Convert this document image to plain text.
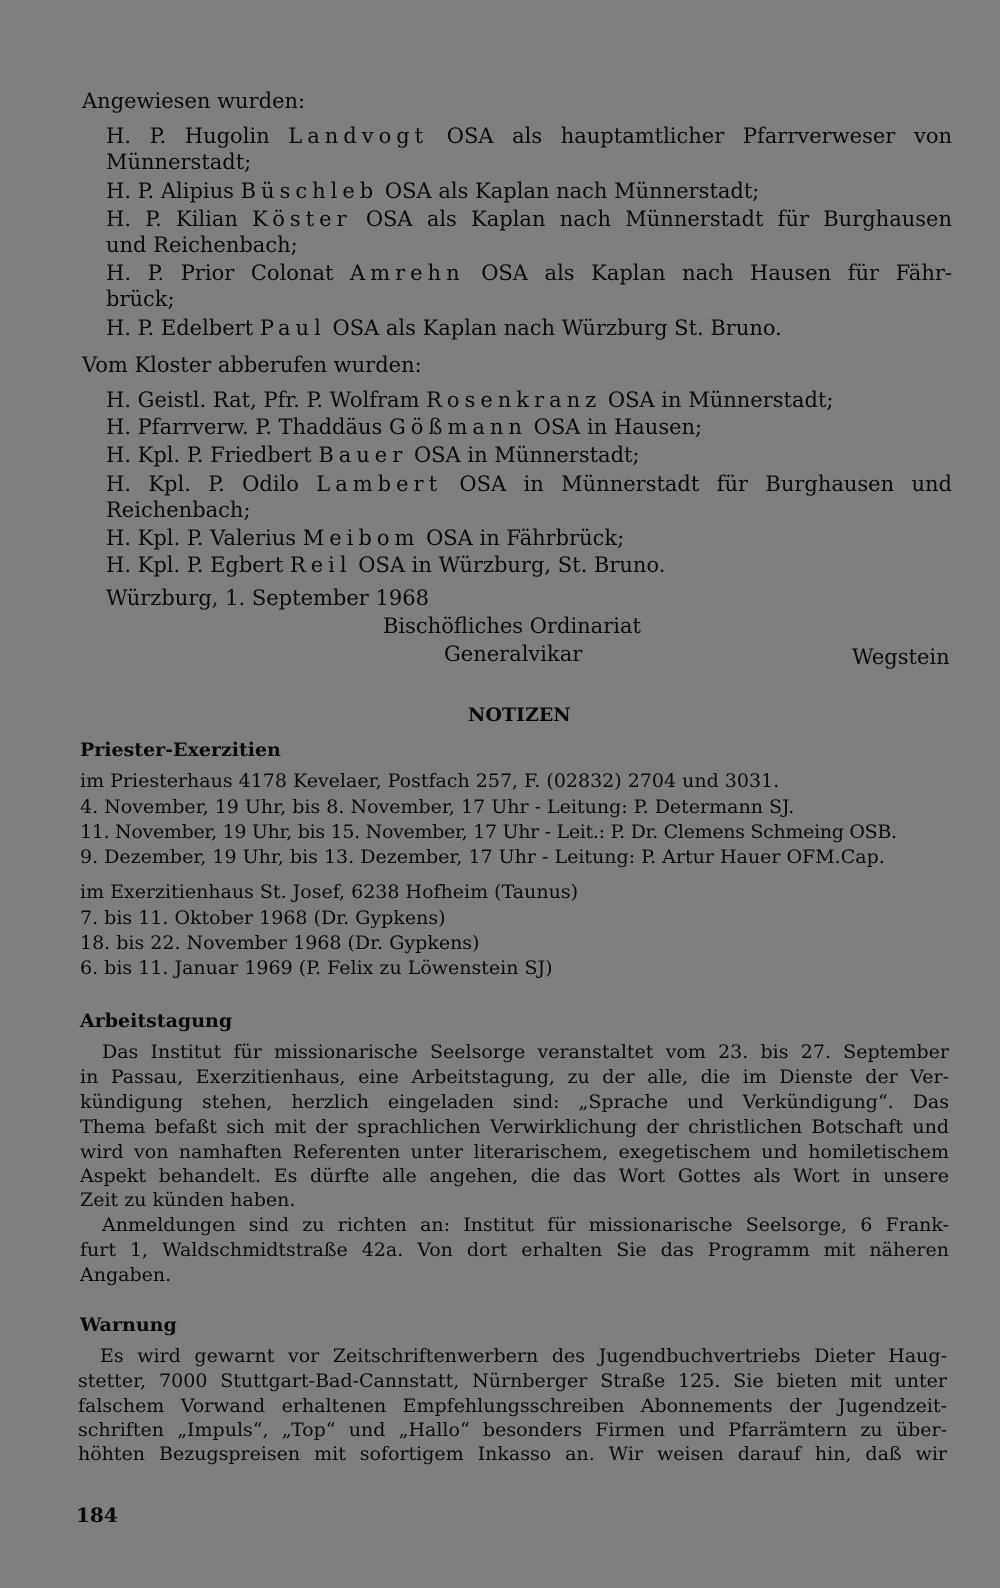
Angewiesen wurden:
H. P. Hugolin Landvogt OSA als hauptamtlicher Pfarrverweser von
Münnerstadt;
H. P. Alipius Büschleb OSA als Kaplan nach Münnerstadt;
H. P. Kilian Köster OSA als Kaplan nach Münnerstadt für Burghausen
und Reichenbach;
H. P. Prior Colonat Amrehn OSA als Kaplan nach Hausen für Fähr-
brück;
H. P. Edelbert Paul OSA als Kaplan nach Würzburg St. Bruno.
Vom Kloster abberufen wurden:
H. Geistl. Rat, Pfr. P. Wolfram Rosenkranz OSA in Münnerstadt;
H. Pfarrverw. P. Thaddäus Gößmann OSA in Hausen;
H. Kpl. P. Friedbert Bauer OSA in Münnerstadt;
H. Kpl. P. Odilo Lambert OSA in Münnerstadt für Burghausen und
Reichenbach;
H. Kpl. P. Valerius Meibom OSA in Fährbrück;
H. Kpl. P. Egbert Reil OSA in Würzburg, St. Bruno.
Würzburg, 1. September 1968
Bischöfliches Ordinariat
Generalvikar	Wegstein
NOTIZEN
Priester-Exerzitien
im Priesterhaus 4178 Kevelaer, Postfach 257, F. (02832) 2704 und 3031.
4. November, 19 Uhr, bis 8. November, 17 Uhr - Leitung: P. Determann SJ.
11. November, 19 Uhr, bis 15. November, 17 Uhr - Leit.: P. Dr. Clemens Schmeing OSB.
9. Dezember, 19 Uhr, bis 13. Dezember, 17 Uhr - Leitung: P. Artur Hauer OFM.Cap.
im Exerzitienhaus St. Josef, 6238 Hofheim (Taunus)
7. bis 11. Oktober 1968 (Dr. Gypkens)
18. bis 22. November 1968 (Dr. Gypkens)
6. bis 11. Januar 1969 (P. Felix zu Löwenstein SJ)
Arbeitstagung
Das Institut für missionarische Seelsorge veranstaltet vom 23. bis 27. September
in Passau, Exerzitienhaus, eine Arbeitstagung, zu der alle, die im Dienste der Ver-
kündigung stehen, herzlich eingeladen sind: „Sprache und Verkündigung“. Das
Thema befaßt sich mit der sprachlichen Verwirklichung der christlichen Botschaft und
wird von namhaften Referenten unter literarischem, exegetischem und homiletischem
Aspekt behandelt. Es dürfte alle angehen, die das Wort Gottes als Wort in unsere
Zeit zu künden haben.
Anmeldungen sind zu richten an: Institut für missionarische Seelsorge, 6 Frank-
furt 1, Waldschmidtstraße 42a. Von dort erhalten Sie das Programm mit näheren
Angaben.
Warnung
Es wird gewarnt vor Zeitschriftenwerbern des Jugendbuchvertriebs Dieter Haug-
stetter, 7000 Stuttgart-Bad-Cannstatt, Nürnberger Straße 125. Sie bieten mit unter
falschem Vorwand erhaltenen Empfehlungsschreiben Abonnements der Jugendzeit-
schriften „Impuls“, „Top“ und „Hallo“ besonders Firmen und Pfarrämtern zu über-
höhten Bezugspreisen mit sofortigem Inkasso an. Wir weisen darauf hin, daß wir
184
